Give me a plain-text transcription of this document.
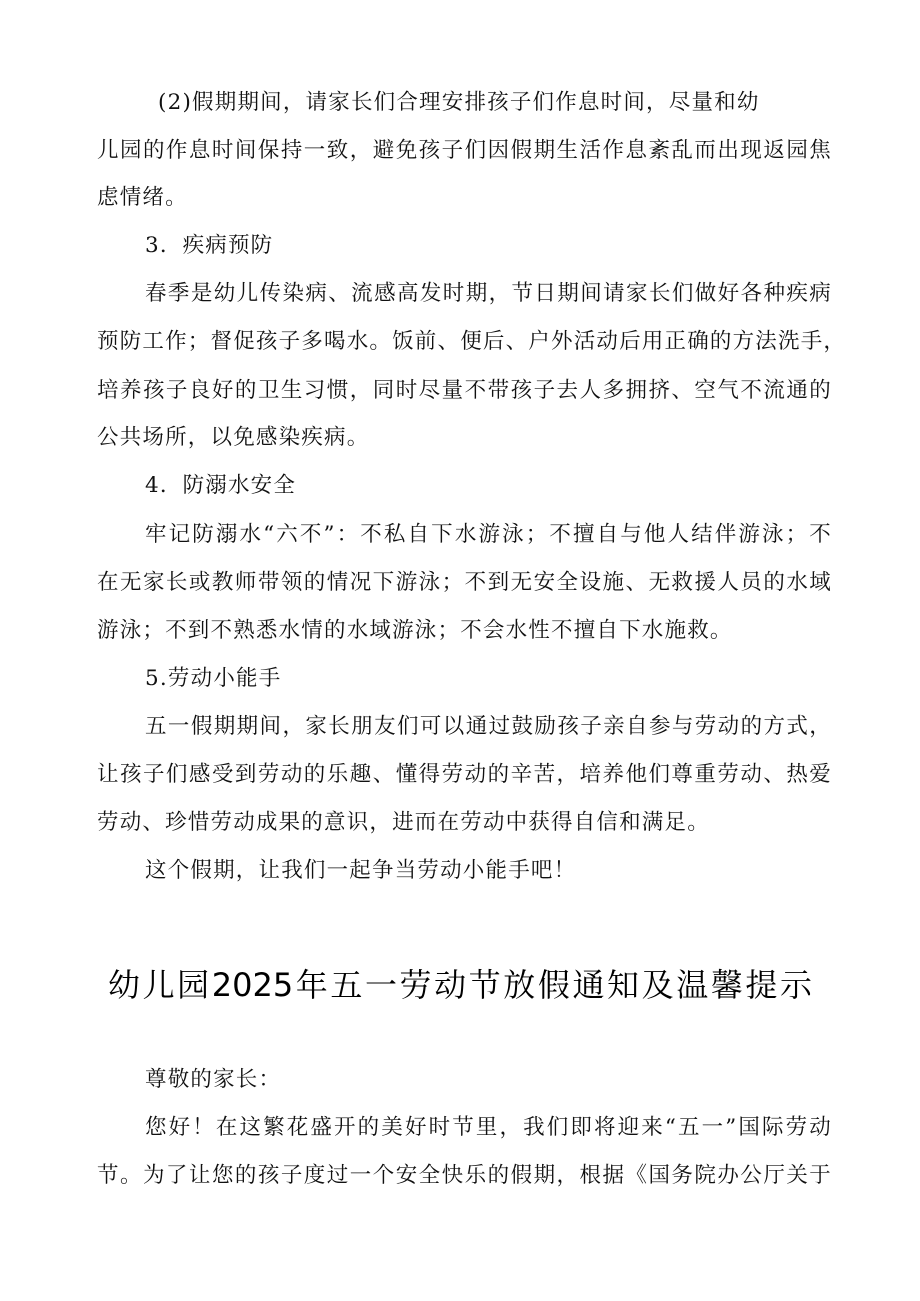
(2)假期期间，请家长们合理安排孩子们作息时间，尽量和幼
儿园的作息时间保持一致，避免孩子们因假期生活作息紊乱而出现返园焦
虑情绪。
3．疾病预防
春季是幼儿传染病、流感高发时期，节日期间请家长们做好各种疾病
预防工作；督促孩子多喝水。饭前、便后、户外活动后用正确的方法洗手，
培养孩子良好的卫生习惯，同时尽量不带孩子去人多拥挤、空气不流通的
公共场所，以免感染疾病。
4．防溺水安全
牢记防溺水“六不”：不私自下水游泳；不擅自与他人结伴游泳；不
在无家长或教师带领的情况下游泳；不到无安全设施、无救援人员的水域
游泳；不到不熟悉水情的水域游泳；不会水性不擅自下水施救。
5.劳动小能手
五一假期期间，家长朋友们可以通过鼓励孩子亲自参与劳动的方式，
让孩子们感受到劳动的乐趣、懂得劳动的辛苦，培养他们尊重劳动、热爱
劳动、珍惜劳动成果的意识，进而在劳动中获得自信和满足。
这个假期，让我们一起争当劳动小能手吧！
幼儿园2025年五一劳动节放假通知及温馨提示
尊敬的家长：
您好！在这繁花盛开的美好时节里，我们即将迎来“五一”国际劳动
节。为了让您的孩子度过一个安全快乐的假期，根据《国务院办公厅关于
